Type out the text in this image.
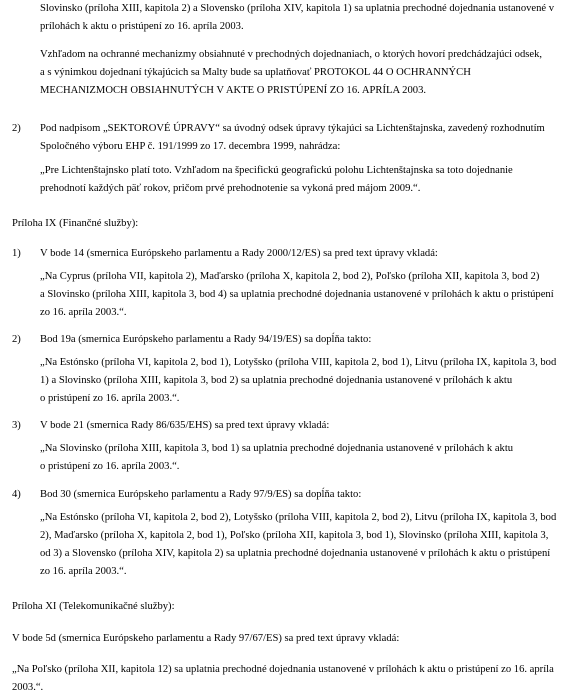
Slovinsko (príloha XIII, kapitola 2) a Slovensko (príloha XIV, kapitola 1) sa uplatnia prechodné dojednania ustanovené v
prílohách k aktu o pristúpení zo 16. apríla 2003.
Vzhľadom na ochranné mechanizmy obsiahnuté v prechodných dojednaniach, o ktorých hovorí predchádzajúci odsek,
a s výnimkou dojednaní týkajúcich sa Malty bude sa uplatňovať PROTOKOL 44 O OCHRANNÝCH
MECHANIZMOCH OBSIAHNUTÝCH V AKTE O PRISTÚPENÍ ZO 16. APRÍLA 2003.
2) Pod nadpisom „SEKTOROVÉ ÚPRAVY“ sa úvodný odsek úpravy týkajúci sa Lichtenštajnska, zavedený rozhodnutím
Spoločného výboru EHP č. 191/1999 zo 17. decembra 1999, nahrádza:
„Pre Lichtenštajnsko platí toto. Vzhľadom na špecifickú geografickú polohu Lichtenštajnska sa toto dojednanie
prehodnotí každých päť rokov, pričom prvé prehodnotenie sa vykoná pred májom 2009.“.
Príloha IX (Finančné služby):
1) V bode 14 (smernica Európskeho parlamentu a Rady 2000/12/ES) sa pred text úpravy vkladá:
„Na Cyprus (príloha VII, kapitola 2), Maďarsko (príloha X, kapitola 2, bod 2), Poľsko (príloha XII, kapitola 3, bod 2)
a Slovinsko (príloha XIII, kapitola 3, bod 4) sa uplatnia prechodné dojednania ustanovené v prílohách k aktu o pristúpení
zo 16. apríla 2003.“.
2) Bod 19a (smernica Európskeho parlamentu a Rady 94/19/ES) sa dopĺňa takto:
„Na Estónsko (príloha VI, kapitola 2, bod 1), Lotyšsko (príloha VIII, kapitola 2, bod 1), Litvu (príloha IX, kapitola 3, bod
1) a Slovinsko (príloha XIII, kapitola 3, bod 2) sa uplatnia prechodné dojednania ustanovené v prílohách k aktu
o pristúpení zo 16. apríla 2003.“.
3) V bode 21 (smernica Rady 86/635/EHS) sa pred text úpravy vkladá:
„Na Slovinsko (príloha XIII, kapitola 3, bod 1) sa uplatnia prechodné dojednania ustanovené v prílohách k aktu
o pristúpení zo 16. apríla 2003.“.
4) Bod 30 (smernica Európskeho parlamentu a Rady 97/9/ES) sa dopĺňa takto:
„Na Estónsko (príloha VI, kapitola 2, bod 2), Lotyšsko (príloha VIII, kapitola 2, bod 2), Litvu (príloha IX, kapitola 3, bod
2), Maďarsko (príloha X, kapitola 2, bod 1), Poľsko (príloha XII, kapitola 3, bod 1), Slovinsko (príloha XIII, kapitola 3,
od 3) a Slovensko (príloha XIV, kapitola 2) sa uplatnia prechodné dojednania ustanovené v prílohách k aktu o pristúpení
zo 16. apríla 2003.“.
Príloha XI (Telekomunikačné služby):
V bode 5d (smernica Európskeho parlamentu a Rady 97/67/ES) sa pred text úpravy vkladá:
„Na Poľsko (príloha XII, kapitola 12) sa uplatnia prechodné dojednania ustanovené v prílohách k aktu o pristúpení zo 16. apríla
2003.“.
